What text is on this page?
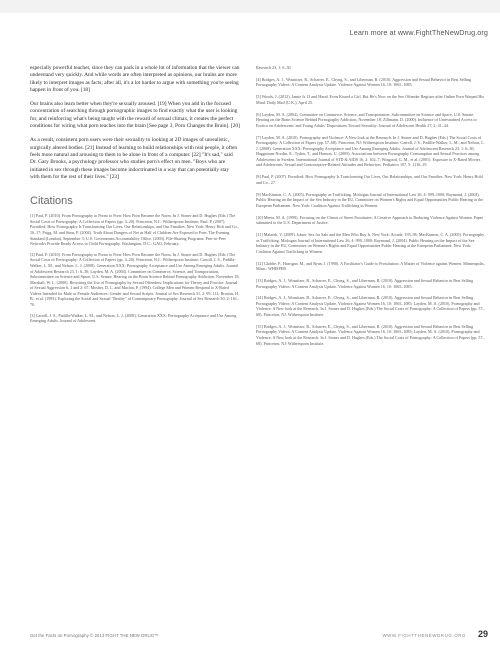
Learn more at www.FightTheNewDrug.org

especially powerful teacher, since they can pack in a whole lot of information that the viewer can understand very quickly. And while words are often interpreted as opinions, our brains are more likely to interpret images as facts; after all, it's a lot harder to argue with something you're seeing happen in front of you. [18]

Our brains also learn better when they're sexually aroused. [19] When you add in the focused concentration of searching through pornographic images to find exactly what the user is looking for, and reinforcing what's being taught with the reward of sexual climax, it creates the perfect conditions for wiring what porn teaches into the brain [See page 3, Porn Changes the Brain]. [20]

As a result, consistent porn users were their sexuality to looking at 2D images of unrealistic, surgically altered bodies. [21] Instead of learning to build relationships with real people, it often feels more natural and arousing to them to be alone in front of a computer. [22] "It's sad," said Dr. Gary Brooks, a psychology professor who studies porn's effect on men. "Boys who are initiated in sex through these images become indoctrinated in a way that can potentially stay with them for the rest of their lives." [23]

Citations

[1] Paul, P. (2010). From Pornography to Porno to Porn: How Porn Became the Norm. In J. Stoner and D. Hughes (Eds.) The Social Costs of Pornography: A Collection of Papers (pp. 3–20). Princeton, N.J.: Witherspoon Institute; Paul, P. (2007). Pornified: How Pornography Is Transforming Our Lives, Our Relationships, and Our Families. New York: Henry Holt and Co., 16–17; Prigg, M. and Sims, P. (2004). Truth About Dangers of Net as Half of Children Are Exposed to Porn. The Evening Standard (London), September 3; U.S. Government Accountability Office. (2003). File-Sharing Programs: Peer-to-Peer Networks Provide Ready Access to Child Pornography. Washington, D.C.: GAO, February.

[2] Paul, P. (2010). From Pornography to Porno to Porn: How Porn Became the Norm. In J. Stoner and D. Hughes (Eds.) The Social Costs of Pornography: A Collection of Papers (pp. 3–20). Princeton, N.J.: Witherspoon Institute; Carroll, J. S., Padilla-Walker, L. M., and Nelson, L. J. (2008). Generation XXX: Pornography Acceptance and Use Among Emerging Adults. Journal of Adolescent Research 23, 1: 6–30; Layden, M. A. (2004). Committee on Commerce, Science, and Transportation, Subcommittee on Science and Space, U.S. Senate, Hearing on the Brain Science Behind Pornography Addiction, November 18; Marshall, W. L. (2000). Revisiting the Use of Pornography by Sexual Offenders: Implications for Theory and Practice. Journal of Sexual Aggression 6, 1 and 2: 67; Mosher, D. L. and Maclan, P. (1994). College Men and Women Respond to X-Rated Videos Intended for Male or Female Audiences: Gender and Sexual Scripts. Journal of Sex Research 31, 2: 99–112; Brosius, H. B., et al. (1993). Exploring the Social and Sexual "Reality" of Contemporary Pornography. Journal of Sex Research 30, 2: 161–70.

[3] Carroll, J. S., Padilla-Walker, L. M., and Nelson, L. J. (2008). Generation XXX: Pornography Acceptance and Use Among Emerging Adults. Journal of Adolescent

Research 23, 1: 6–30

[4] Bridges, A. J., Wosnitzer, R., Scharrer, E., Chyng, S., and Liberman, R. (2010). Aggression and Sexual Behavior in Best Selling Pornography Videos: A Content Analysis Update. Violence Against Women 16, 10: 1065–1085.

[5] Woods, J. (2012). Jamie Is 13 and Hasn't Even Kissed a Girl. But He's Now on the Sex Offender Register after Online Porn Warped His Mind. Daily Mail (U.K.), April 25.

[6] Layden, M. A. (2004). Committee on Commerce, Science, and Transportation, Subcommittee on Science and Space, U.S. Senate, Hearing on the Brain Science Behind Pornography Addiction, November 18; Zillmann, D. (2000). Influence of Unrestrained Access to Erotica on Adolescents' and Young Adults' Dispositions Toward Sexuality. Journal of Adolescent Health 27, 2: 41–44.

[7] Layden, M. A. (2010). Pornography and Violence: A New look at the Research. In J. Stoner and D. Hughes (Eds.) The Social Costs of Pornography: A Collection of Papers (pp. 57–68). Princeton, NJ: Witherspoon Institute; Carroll, J. S., Padilla-Walker, L. M., and Nelson, L. J. (2008). Generation XXX: Pornography Acceptance and Use Among Emerging Adults. Journal of Adolescent Research 23, 1: 6–30; Haggstrom-Nordin, E., Tyden, T., and Hanson, U. (2005). Associations between Pornography Consumption and Sexual Practices among Adolescents in Sweden. International Journal of STD & AIDS 16, 2: 102–7; Wingood, G. M., et al. (2001). Exposure to X-Rated Movies and Adolescents' Sexual and Contraceptive-Related Attitudes and Behaviors. Pediatrics 107, 5: 1116–19.

[8] Paul, P. (2007). Pornified: How Pornography Is Transforming Our Lives, Our Relationships, and Our Families. New York: Henry Hold and Co., 27.

[9] MacKinnon, C. A. (2005). Pornography as Trafficking. Michigan Journal of International Law 26, 4: 999–1000; Raymond, J. (2004). Public Hearing on the Impact of the Sex Industry in the EU, Committee on Women's Rights and Equal Opportunities Public Hearing at the European Parliament. New York: Coalition Against Trafficking in Women.

[10] Meeta, M. A. (1999). Focusing on the Clients of Street Prostitutes: A Creative Approach to Reducing Violence Against Women. Paper submitted to the U.S. Department of Justice.

[11] Malarek, V. (2009). Johns: Sex for Sale and the Men Who Buy It. New York: Arcade, 193–96; MacKinnon, C. A. (2005). Pornography as Trafficking. Michigan Journal of International Law 26, 4: 999–1000; Raymond, J. (2004). Public Hearing on the Impact of the Sex Industry in the EU, Committee on Women's Rights and Equal Opportunities Public Hearing at the European Parliament. New York: Coalition Against Trafficking in Women.

[12] Globbe, F., Harrigan, M., and Ryan, J. (1990). A Facilitator's Guide to Prostitution: A Matter of Violence against Women. Minneapolis, Minn.: WHISPER.

[13] Bridges, A. J., Wosnitzer, R., Scharrer, E., Chyng, S., and Liberman, R. (2010). Aggression and Sexual Behavior in Best Selling Pornography Videos: A Content Analysis Update. Violence Against Women 16, 10: 1065–1085.

[14] Bridges, A. J., Wosnitzer, R., Scharrer, E., Chyng, S., and Liberman, R. (2010). Aggression and Sexual Behavior in Best Selling Pornography Videos: A Content Analysis Update. Violence Against Women 16, 10: 1065–1085; Layden, M. A. (2010). Pornography and Violence: A New look at the Research. In J. Stoner and D. Hughes (Eds.) The Social Costs of Pornography: A Collection of Papers (pp. 57–68). Princeton, NJ: Witherspoon Institute.

[15] Bridges, A. J., Wosnitzer, R., Scharrer, E., Chyng, S., and Liberman, R. (2010). Aggression and Sexual Behavior in Best Selling Pornography Videos: A Content Analysis Update. Violence Against Women 16, 10: 1065–1085; Layden, M. A. (2010). Pornography and Violence: A New look at the Research. In J. Stoner and D. Hughes (Eds.) The Social Costs of Pornography: A Collection of Papers (pp. 57–68). Princeton, NJ: Witherspoon Institute.

Get the Facts on Pornography © 2013 FIGHT THE NEW DRUG™	WWW.FIGHTTHENEWDRUG.ORG 29
